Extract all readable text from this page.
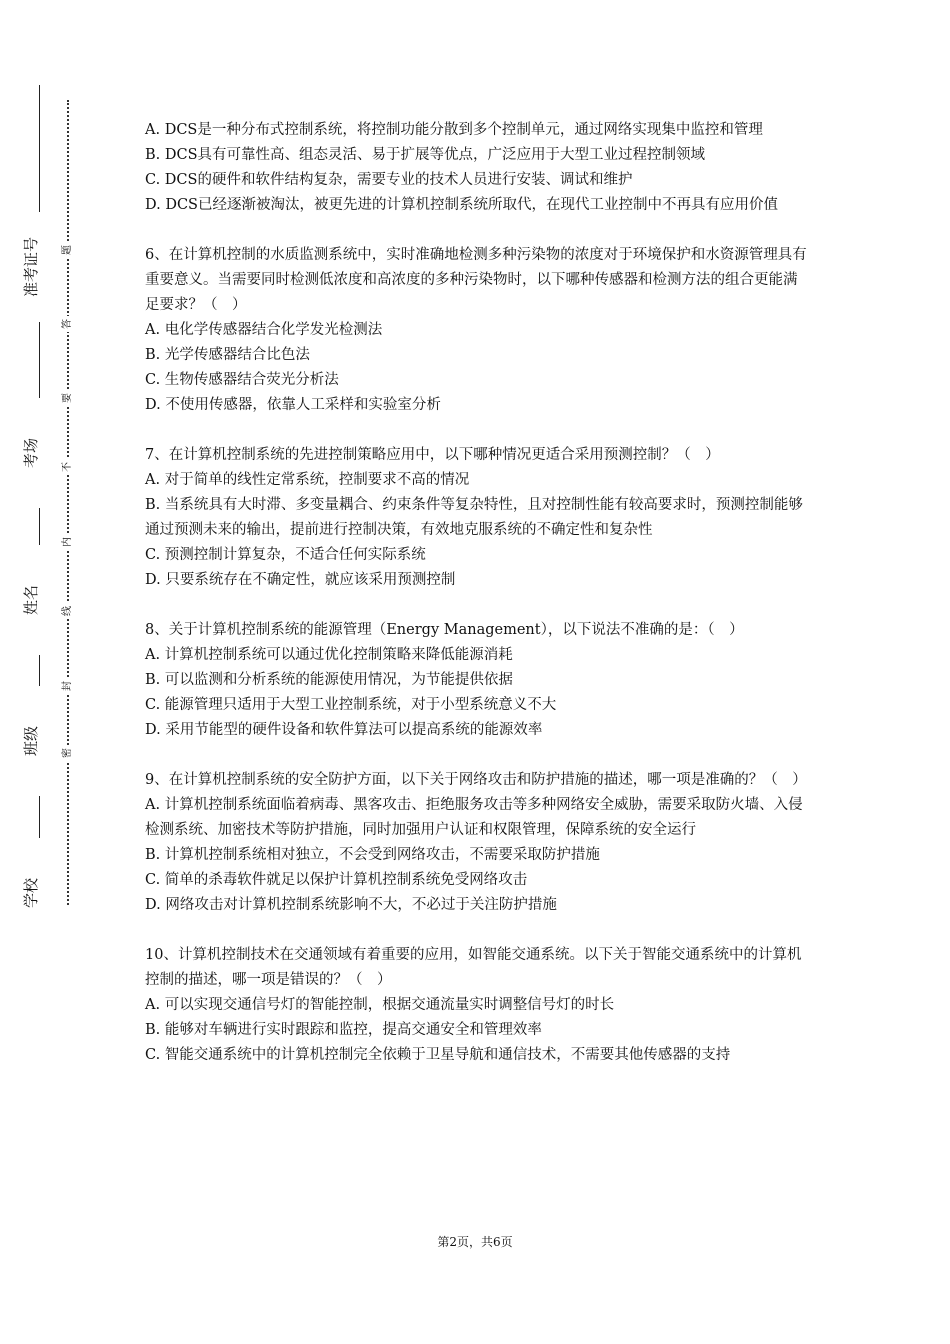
准考证号
考场
姓名
班级
学校
题
答
要
不
内
线
封
密

A. DCS是一种分布式控制系统，将控制功能分散到多个控制单元，通过网络实现集中监控和管理

B. DCS具有可靠性高、组态灵活、易于扩展等优点，广泛应用于大型工业过程控制领域

C. DCS的硬件和软件结构复杂，需要专业的技术人员进行安装、调试和维护

D. DCS已经逐渐被淘汰，被更先进的计算机控制系统所取代，在现代工业控制中不再具有应用价值

6、在计算机控制的水质监测系统中，实时准确地检测多种污染物的浓度对于环境保护和水资源管理具有重要意义。当需要同时检测低浓度和高浓度的多种污染物时，以下哪种传感器和检测方法的组合更能满足要求？（　）

A. 电化学传感器结合化学发光检测法

B. 光学传感器结合比色法

C. 生物传感器结合荧光分析法

D. 不使用传感器，依靠人工采样和实验室分析

7、在计算机控制系统的先进控制策略应用中，以下哪种情况更适合采用预测控制？（　）

A. 对于简单的线性定常系统，控制要求不高的情况

B. 当系统具有大时滞、多变量耦合、约束条件等复杂特性，且对控制性能有较高要求时，预测控制能够通过预测未来的输出，提前进行控制决策，有效地克服系统的不确定性和复杂性

C. 预测控制计算复杂，不适合任何实际系统

D. 只要系统存在不确定性，就应该采用预测控制

8、关于计算机控制系统的能源管理（Energy Management），以下说法不准确的是：（　）

A. 计算机控制系统可以通过优化控制策略来降低能源消耗

B. 可以监测和分析系统的能源使用情况，为节能提供依据

C. 能源管理只适用于大型工业控制系统，对于小型系统意义不大

D. 采用节能型的硬件设备和软件算法可以提高系统的能源效率

9、在计算机控制系统的安全防护方面，以下关于网络攻击和防护措施的描述，哪一项是准确的？（　）

A. 计算机控制系统面临着病毒、黑客攻击、拒绝服务攻击等多种网络安全威胁，需要采取防火墙、入侵检测系统、加密技术等防护措施，同时加强用户认证和权限管理，保障系统的安全运行

B. 计算机控制系统相对独立，不会受到网络攻击，不需要采取防护措施

C. 简单的杀毒软件就足以保护计算机控制系统免受网络攻击

D. 网络攻击对计算机控制系统影响不大，不必过于关注防护措施

10、计算机控制技术在交通领域有着重要的应用，如智能交通系统。以下关于智能交通系统中的计算机控制的描述，哪一项是错误的？（　）

A. 可以实现交通信号灯的智能控制，根据交通流量实时调整信号灯的时长

B. 能够对车辆进行实时跟踪和监控，提高交通安全和管理效率

C. 智能交通系统中的计算机控制完全依赖于卫星导航和通信技术，不需要其他传感器的支持

第2页，共6页
